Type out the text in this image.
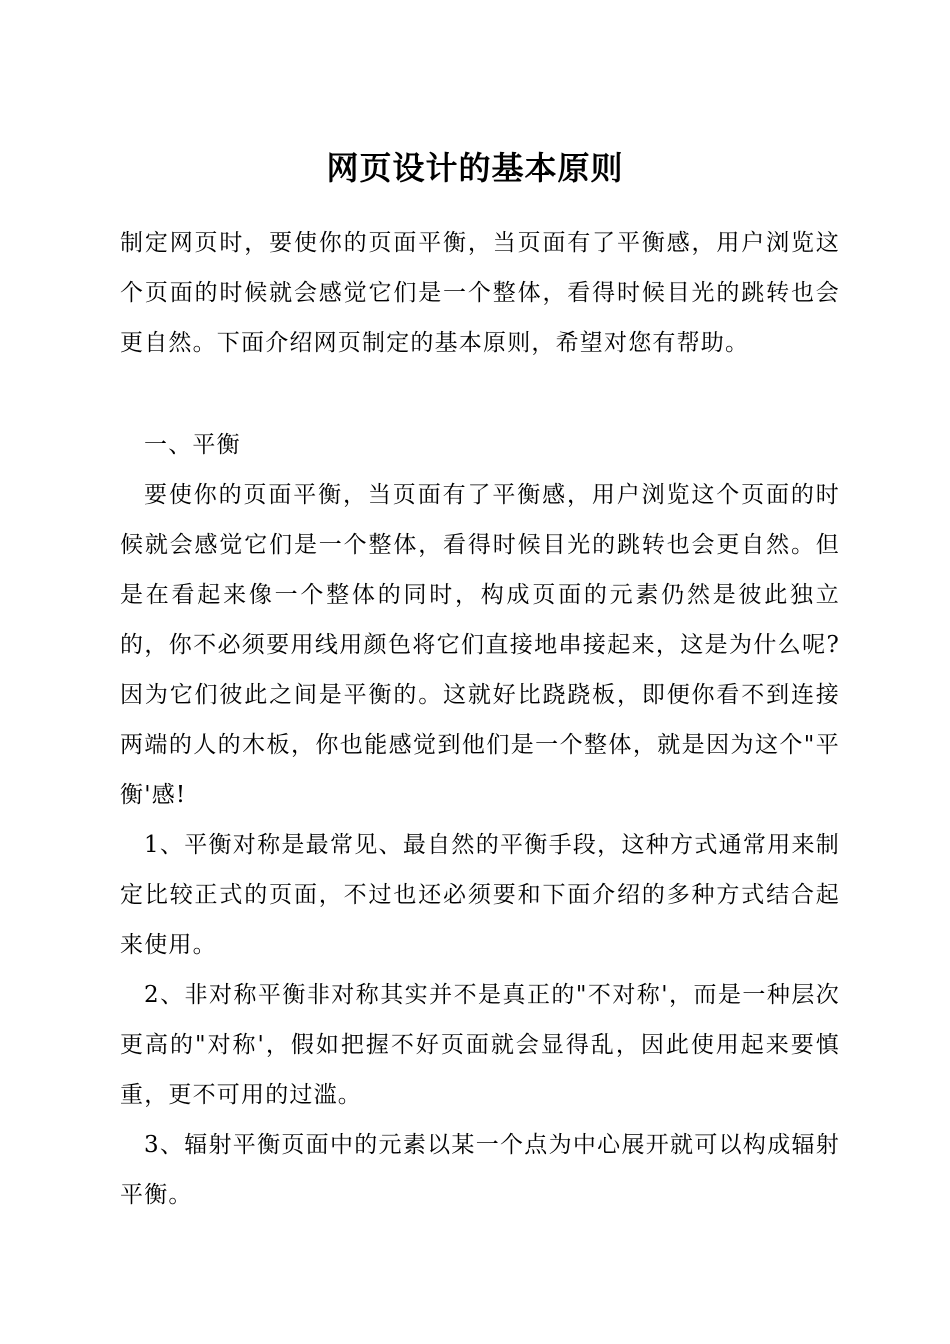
网页设计的基本原则

制定网页时，要使你的页面平衡，当页面有了平衡感，用户浏览这个页面的时候就会感觉它们是一个整体，看得时候目光的跳转也会更自然。下面介绍网页制定的基本原则，希望对您有帮助。

一、平衡

要使你的页面平衡，当页面有了平衡感，用户浏览这个页面的时候就会感觉它们是一个整体，看得时候目光的跳转也会更自然。但是在看起来像一个整体的同时，构成页面的元素仍然是彼此独立的，你不必须要用线用颜色将它们直接地串接起来，这是为什么呢?因为它们彼此之间是平衡的。这就好比跷跷板，即便你看不到连接两端的人的木板，你也能感觉到他们是一个整体，就是因为这个"平衡'感!

1、平衡对称是最常见、最自然的平衡手段，这种方式通常用来制定比较正式的页面，不过也还必须要和下面介绍的多种方式结合起来使用。

2、非对称平衡非对称其实并不是真正的"不对称'，而是一种层次更高的"对称'，假如把握不好页面就会显得乱，因此使用起来要慎重，更不可用的过滥。

3、辐射平衡页面中的元素以某一个点为中心展开就可以构成辐射平衡。
